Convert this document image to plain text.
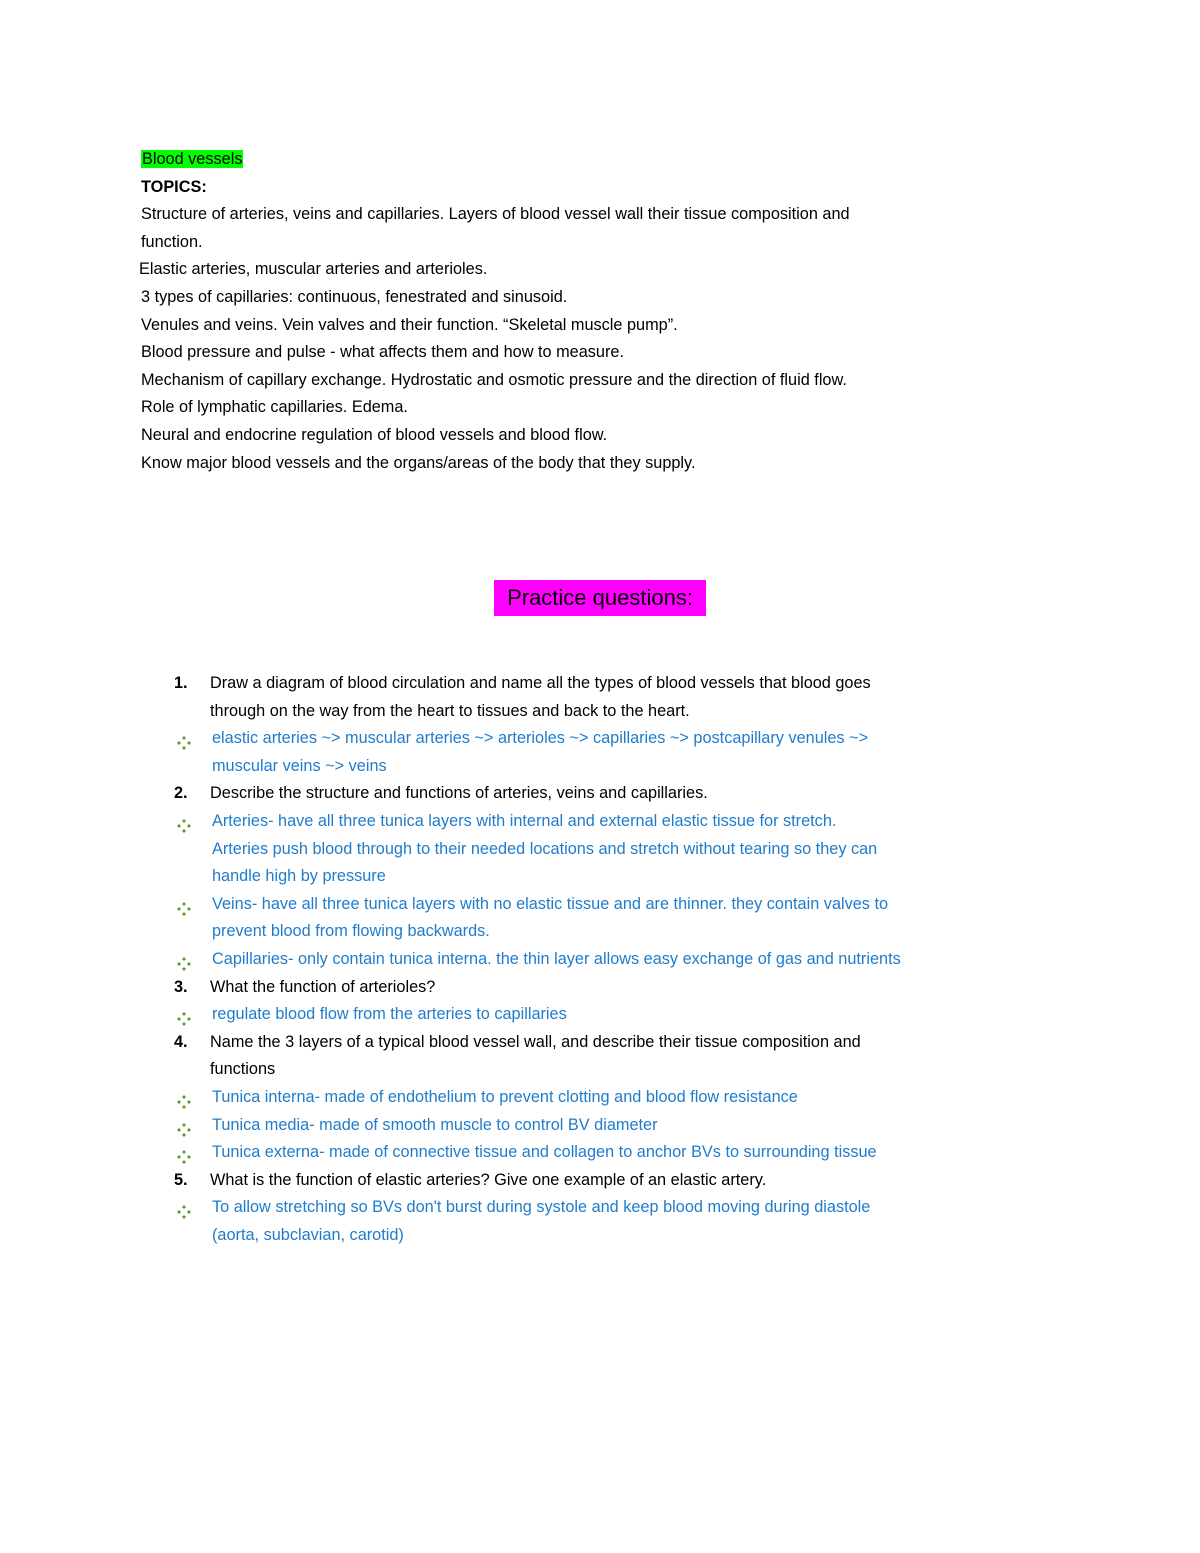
Blood vessels
TOPICS:
Structure of arteries, veins and capillaries. Layers of blood vessel wall their tissue composition and
function.
Elastic arteries, muscular arteries and arterioles.
3 types of capillaries: continuous, fenestrated and sinusoid.
Venules and veins. Vein valves and their function. “Skeletal muscle pump”.
Blood pressure and pulse - what affects them and how to measure.
Mechanism of capillary exchange. Hydrostatic and osmotic pressure and the direction of fluid flow.
Role of lymphatic capillaries. Edema.
Neural and endocrine regulation of blood vessels and blood flow.
Know major blood vessels and the organs/areas of the body that they supply.
Practice questions:
1. Draw a diagram of blood circulation and name all the types of blood vessels that blood goes
through on the way from the heart to tissues and back to the heart.
elastic arteries ~> muscular arteries ~> arterioles ~> capillaries ~> postcapillary venules ~>
muscular veins ~> veins
2. Describe the structure and functions of arteries, veins and capillaries.
Arteries- have all three tunica layers with internal and external elastic tissue for stretch.
Arteries push blood through to their needed locations and stretch without tearing so they can
handle high by pressure
Veins- have all three tunica layers with no elastic tissue and are thinner. they contain valves to
prevent blood from flowing backwards.
Capillaries- only contain tunica interna. the thin layer allows easy exchange of gas and nutrients
3. What the function of arterioles?
regulate blood flow from the arteries to capillaries
4. Name the 3 layers of a typical blood vessel wall, and describe their tissue composition and
functions
Tunica interna- made of endothelium to prevent clotting and blood flow resistance
Tunica media- made of smooth muscle to control BV diameter
Tunica externa- made of connective tissue and collagen to anchor BVs to surrounding tissue
5. What is the function of elastic arteries? Give one example of an elastic artery.
To allow stretching so BVs don't burst during systole and keep blood moving during diastole
(aorta, subclavian, carotid)
